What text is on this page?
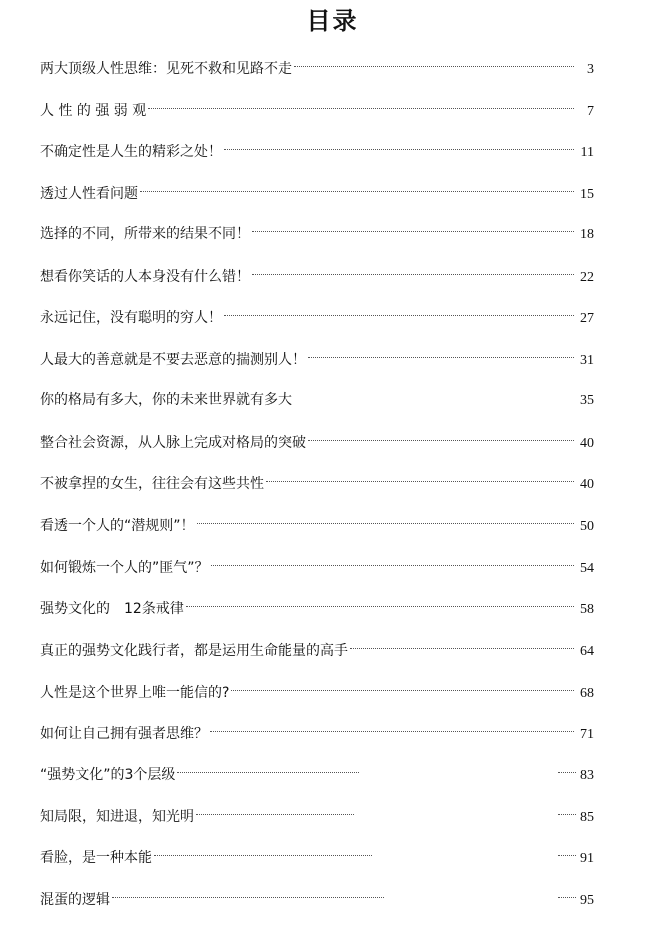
目录
两大顶级人性思维：见死不救和见路不走	3
人 性 的 强 弱 观	7
不确定性是人生的精彩之处！	11
透过人性看问题	15
选择的不同，所带来的结果不同！	18
想看你笑话的人本身没有什么错！	22
永远记住，没有聪明的穷人！	27
人最大的善意就是不要去恶意的揣测别人！	31
你的格局有多大，你的未来世界就有多大	35
整合社会资源，从人脉上完成对格局的突破	40
不被拿捏的女生，往往会有这些共性	40
看透一个人的“潜规则”！	50
如何锻炼一个人的”匪气”？	54
强势文化的　12条戒律	58
真正的强势文化践行者，都是运用生命能量的高手	64
人性是这个世界上唯一能信的?	68
如何让自己拥有强者思维？	71
“强势文化”的3个层级	83
知局限，知进退，知光明	85
看脸，是一种本能	91
混蛋的逻辑	95
